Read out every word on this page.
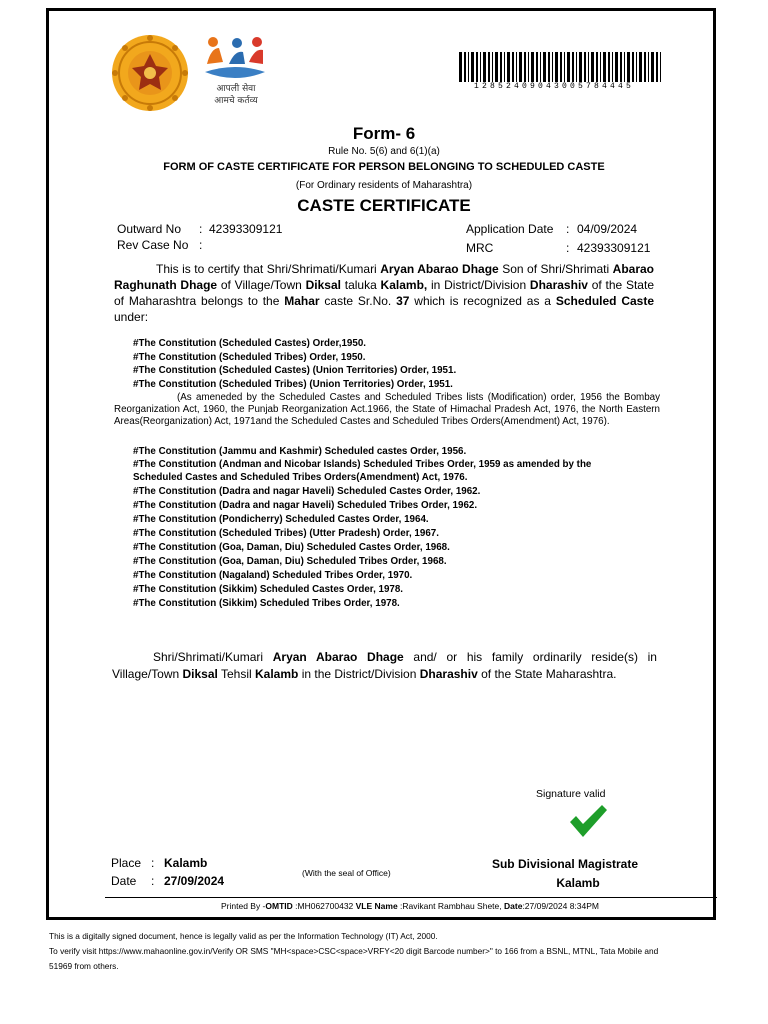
आपली सेवा
आमचे कर्तव्य
12852409043005784445
Form- 6
Rule No. 5(6) and 6(1)(a)
FORM OF CASTE CERTIFICATE FOR PERSON BELONGING TO SCHEDULED CASTE
(For Ordinary residents of Maharashtra)
CASTE CERTIFICATE
Outward No : 42393309121
Rev Case No :
Application Date : 04/09/2024
MRC	: 42393309121
This is to certify that Shri/Shrimati/Kumari Aryan Abarao Dhage Son of Shri/Shrimati Abarao Raghunath Dhage of Village/Town Diksal taluka Kalamb, in District/Division Dharashiv of the State of Maharashtra belongs to the Mahar caste Sr.No. 37 which is recognized as a Scheduled Caste under:
#The Constitution (Scheduled Castes) Order,1950.
#The Constitution (Scheduled Tribes) Order, 1950.
#The Constitution (Scheduled Castes) (Union Territories) Order, 1951.
#The Constitution (Scheduled Tribes) (Union Territories) Order, 1951.
(As ameneded by the Scheduled Castes and Scheduled Tribes lists (Modification) order, 1956 the Bombay Reorganization Act, 1960, the Punjab Reorganization Act.1966, the State of Himachal Pradesh Act, 1976, the North Eastern Areas(Reorganization) Act, 1971and the Scheduled Castes and Scheduled Tribes Orders(Amendment) Act, 1976).
#The Constitution (Jammu and Kashmir) Scheduled castes Order, 1956.
#The Constitution (Andman and Nicobar Islands) Scheduled Tribes Order, 1959 as amended by the
Scheduled Castes and Scheduled Tribes Orders(Amendment) Act, 1976.
#The Constitution (Dadra and nagar Haveli) Scheduled Castes Order, 1962.
#The Constitution (Dadra and nagar Haveli) Scheduled Tribes Order, 1962.
#The Constitution (Pondicherry) Scheduled Castes Order, 1964.
#The Constitution (Scheduled Tribes) (Utter Pradesh) Order, 1967.
#The Constitution (Goa, Daman, Diu) Scheduled Castes Order, 1968.
#The Constitution (Goa, Daman, Diu) Scheduled Tribes Order, 1968.
#The Constitution (Nagaland) Scheduled Tribes Order, 1970.
#The Constitution (Sikkim) Scheduled Castes Order, 1978.
#The Constitution (Sikkim) Scheduled Tribes Order, 1978.
Shri/Shrimati/Kumari Aryan Abarao Dhage and/ or his family ordinarily reside(s) in Village/Town Diksal Tehsil Kalamb in the District/Division Dharashiv of the State Maharashtra.
Signature valid
Place : Kalamb
Date : 27/09/2024
(With the seal of Office)
Sub Divisional Magistrate
Kalamb
Printed By -OMTID :MH062700432 VLE Name :Ravikant Rambhau Shete, Date:27/09/2024 8:34PM
This is a digitally signed document, hence is legally valid as per the Information Technology (IT) Act, 2000.
To verify visit https://www.mahaonline.gov.in/Verify OR SMS "MH<space>CSC<space>VRFY<20 digit Barcode number>" to 166 from a BSNL, MTNL, Tata Mobile and
51969 from others.
